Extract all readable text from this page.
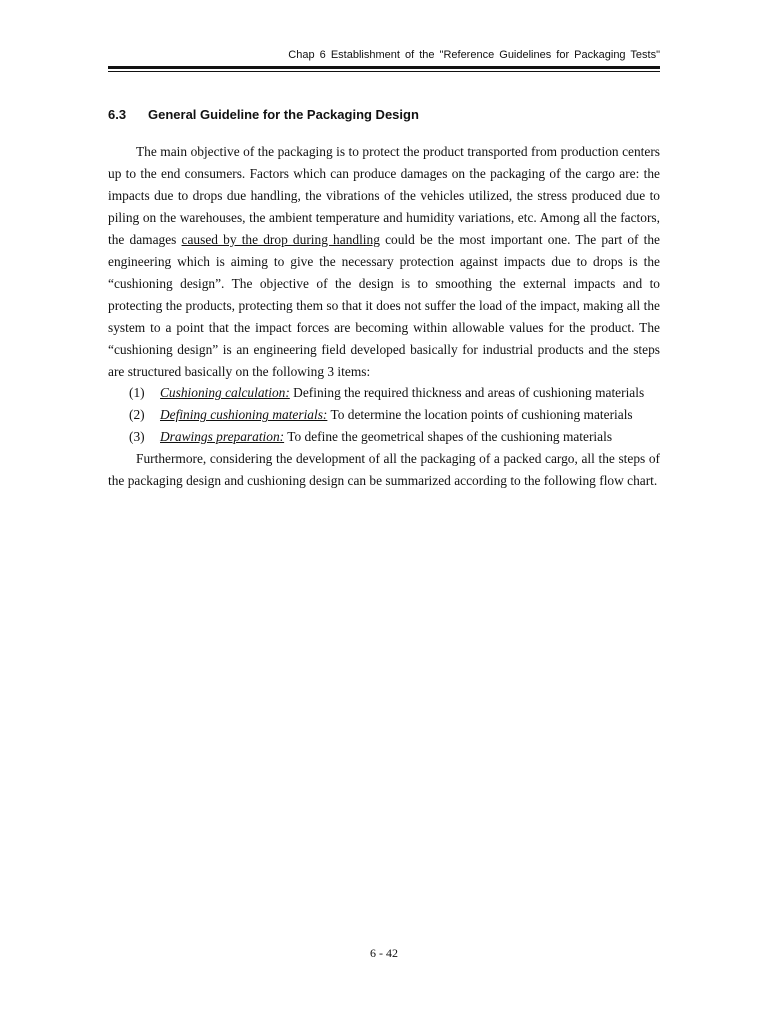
Chap 6 Establishment of the "Reference Guidelines for Packaging Tests"
6.3 General Guideline for the Packaging Design

The main objective of the packaging is to protect the product transported from production centers up to the end consumers. Factors which can produce damages on the packaging of the cargo are: the impacts due to drops due handling, the vibrations of the vehicles utilized, the stress produced due to piling on the warehouses, the ambient temperature and humidity variations, etc. Among all the factors, the damages caused by the drop during handling could be the most important one. The part of the engineering which is aiming to give the necessary protection against impacts due to drops is the “cushioning design”. The objective of the design is to smoothing the external impacts and to protecting the products, protecting them so that it does not suffer the load of the impact, making all the system to a point that the impact forces are becoming within allowable values for the product. The “cushioning design” is an engineering field developed basically for industrial products and the steps are structured basically on the following 3 items:

(1) Cushioning calculation: Defining the required thickness and areas of cushioning materials
(2) Defining cushioning materials: To determine the location points of cushioning materials
(3) Drawings preparation: To define the geometrical shapes of the cushioning materials

Furthermore, considering the development of all the packaging of a packed cargo, all the steps of the packaging design and cushioning design can be summarized according to the following flow chart.

6 - 42
